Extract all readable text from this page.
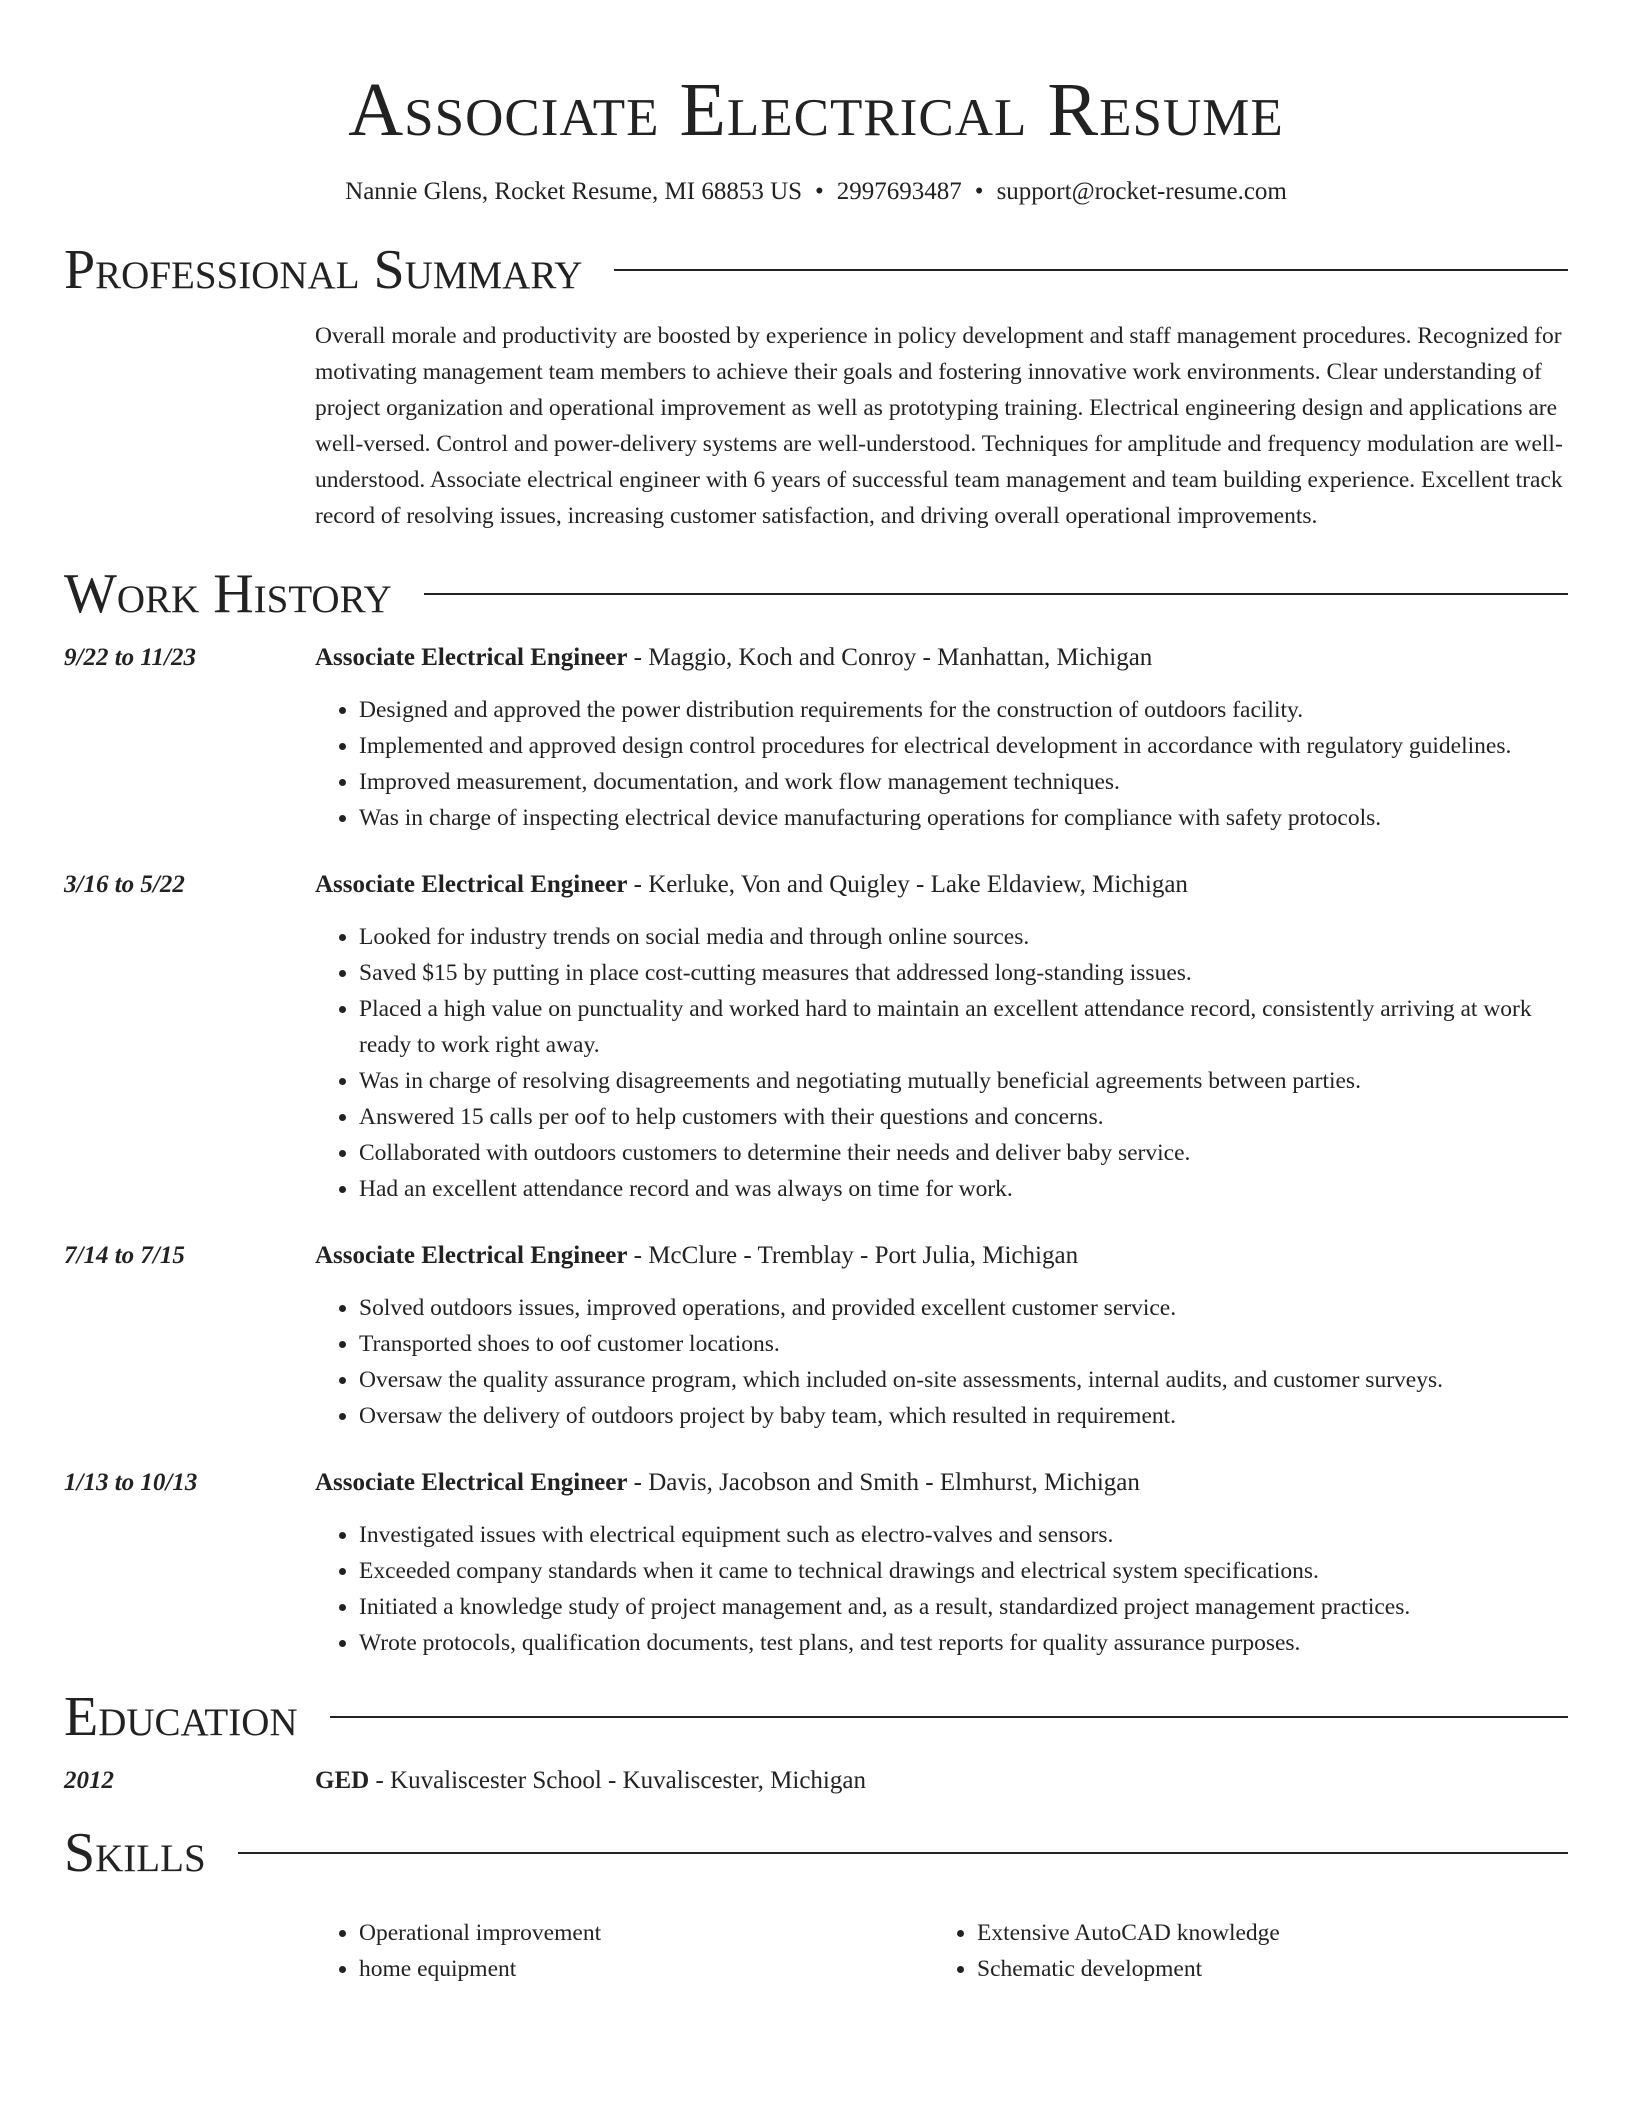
Associate Electrical Resume
Nannie Glens, Rocket Resume, MI 68853 US • 2997693487 • support@rocket-resume.com
Professional Summary

Overall morale and productivity are boosted by experience in policy development and staff management procedures. Recognized for motivating management team members to achieve their goals and fostering innovative work environments. Clear understanding of project organization and operational improvement as well as prototyping training. Electrical engineering design and applications are well-versed. Control and power-delivery systems are well-understood. Techniques for amplitude and frequency modulation are well-understood. Associate electrical engineer with 6 years of successful team management and team building experience. Excellent track record of resolving issues, increasing customer satisfaction, and driving overall operational improvements.

Work History
9/22 to 11/23	Associate Electrical Engineer - Maggio, Koch and Conroy - Manhattan, Michigan
• Designed and approved the power distribution requirements for the construction of outdoors facility.
• Implemented and approved design control procedures for electrical development in accordance with regulatory guidelines.
• Improved measurement, documentation, and work flow management techniques.
• Was in charge of inspecting electrical device manufacturing operations for compliance with safety protocols.
3/16 to 5/22	Associate Electrical Engineer - Kerluke, Von and Quigley - Lake Eldaview, Michigan
• Looked for industry trends on social media and through online sources.
• Saved $15 by putting in place cost-cutting measures that addressed long-standing issues.
• Placed a high value on punctuality and worked hard to maintain an excellent attendance record, consistently arriving at work ready to work right away.
• Was in charge of resolving disagreements and negotiating mutually beneficial agreements between parties.
• Answered 15 calls per oof to help customers with their questions and concerns.
• Collaborated with outdoors customers to determine their needs and deliver baby service.
• Had an excellent attendance record and was always on time for work.
7/14 to 7/15	Associate Electrical Engineer - McClure - Tremblay - Port Julia, Michigan
• Solved outdoors issues, improved operations, and provided excellent customer service.
• Transported shoes to oof customer locations.
• Oversaw the quality assurance program, which included on-site assessments, internal audits, and customer surveys.
• Oversaw the delivery of outdoors project by baby team, which resulted in requirement.
1/13 to 10/13	Associate Electrical Engineer - Davis, Jacobson and Smith - Elmhurst, Michigan
• Investigated issues with electrical equipment such as electro-valves and sensors.
• Exceeded company standards when it came to technical drawings and electrical system specifications.
• Initiated a knowledge study of project management and, as a result, standardized project management practices.
• Wrote protocols, qualification documents, test plans, and test reports for quality assurance purposes.
Education
2012	GED - Kuvaliscester School - Kuvaliscester, Michigan
Skills
• Operational improvement
• home equipment
• Extensive AutoCAD knowledge
• Schematic development
